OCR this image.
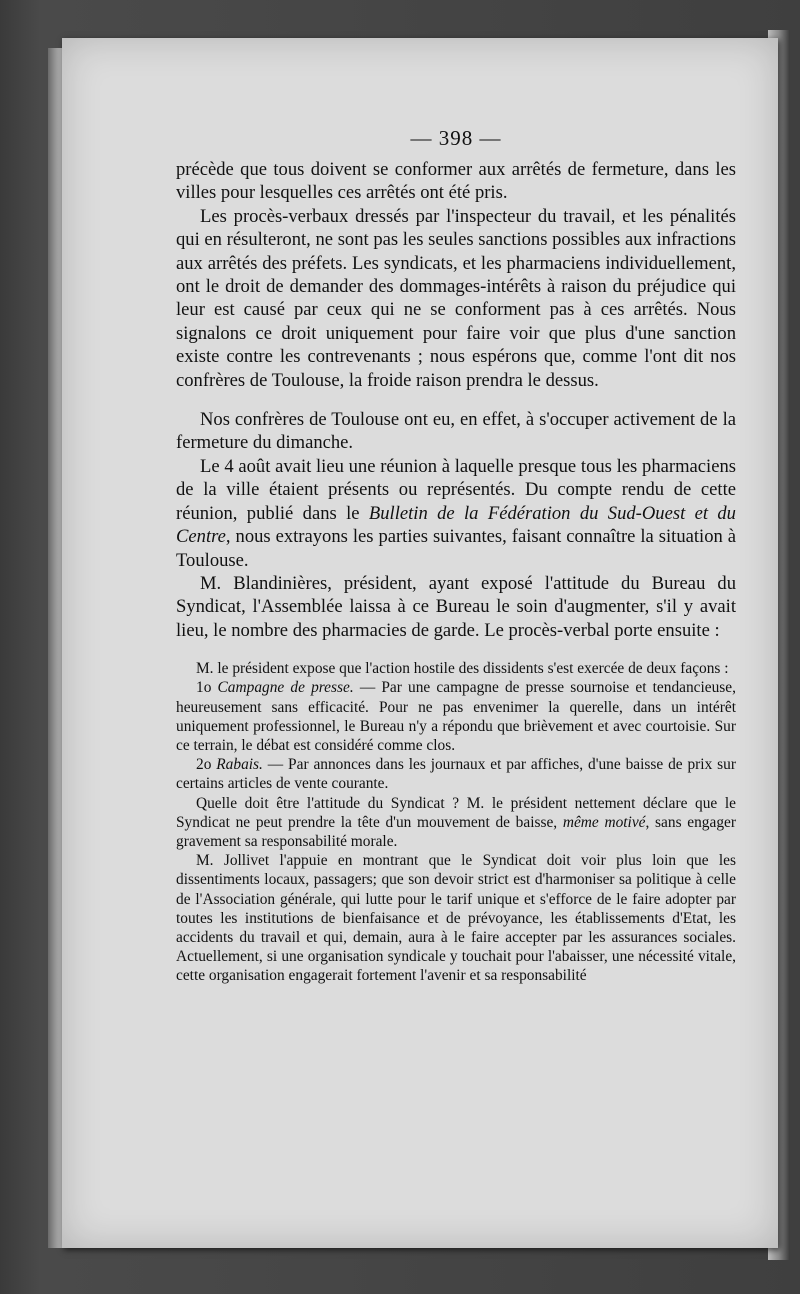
— 398 —

précède que tous doivent se conformer aux arrêtés de fermeture, dans les villes pour lesquelles ces arrêtés ont été pris.

Les procès-verbaux dressés par l'inspecteur du travail, et les pénalités qui en résulteront, ne sont pas les seules sanctions possibles aux infractions aux arrêtés des préfets. Les syndicats, et les pharmaciens individuellement, ont le droit de demander des dommages-intérêts à raison du préjudice qui leur est causé par ceux qui ne se conforment pas à ces arrêtés. Nous signalons ce droit uniquement pour faire voir que plus d'une sanction existe contre les contrevenants ; nous espérons que, comme l'ont dit nos confrères de Toulouse, la froide raison prendra le dessus.

Nos confrères de Toulouse ont eu, en effet, à s'occuper activement de la fermeture du dimanche.

Le 4 août avait lieu une réunion à laquelle presque tous les pharmaciens de la ville étaient présents ou représentés. Du compte rendu de cette réunion, publié dans le Bulletin de la Fédération du Sud-Ouest et du Centre, nous extrayons les parties suivantes, faisant connaître la situation à Toulouse.

M. Blandinières, président, ayant exposé l'attitude du Bureau du Syndicat, l'Assemblée laissa à ce Bureau le soin d'augmenter, s'il y avait lieu, le nombre des pharmacies de garde. Le procès-verbal porte ensuite :

M. le président expose que l'action hostile des dissidents s'est exercée de deux façons :

1o Campagne de presse. — Par une campagne de presse sournoise et tendancieuse, heureusement sans efficacité. Pour ne pas envenimer la querelle, dans un intérêt uniquement professionnel, le Bureau n'y a répondu que brièvement et avec courtoisie. Sur ce terrain, le débat est considéré comme clos.

2o Rabais. — Par annonces dans les journaux et par affiches, d'une baisse de prix sur certains articles de vente courante.

Quelle doit être l'attitude du Syndicat ? M. le président nettement déclare que le Syndicat ne peut prendre la tête d'un mouvement de baisse, même motivé, sans engager gravement sa responsabilité morale.

M. Jollivet l'appuie en montrant que le Syndicat doit voir plus loin que les dissentiments locaux, passagers; que son devoir strict est d'harmoniser sa politique à celle de l'Association générale, qui lutte pour le tarif unique et s'efforce de le faire adopter par toutes les institutions de bienfaisance et de prévoyance, les établissements d'Etat, les accidents du travail et qui, demain, aura à le faire accepter par les assurances sociales. Actuellement, si une organisation syndicale y touchait pour l'abaisser, une nécessité vitale, cette organisation engagerait fortement l'avenir et sa responsabilité
